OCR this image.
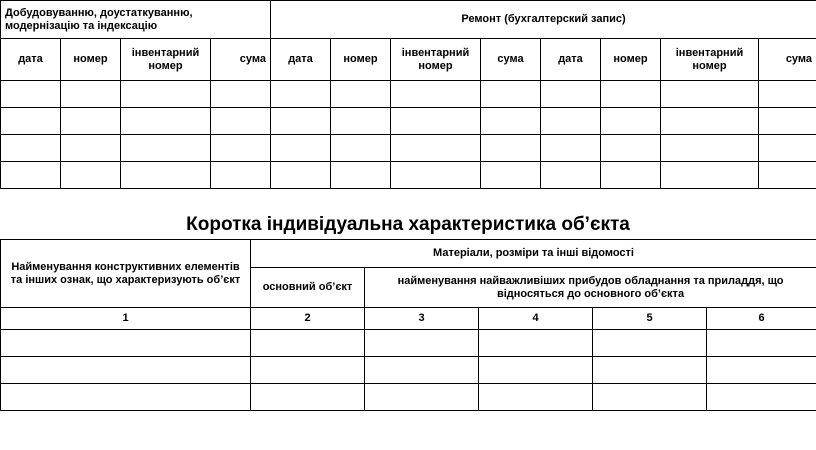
Добудовуванню, доустаткуванню, модернізацію та індексацію				Ремонт (бухгалтерский запис)							
дата	номер	інвентарний номер	сума	дата	номер	інвентарний номер	сума	дата	номер	інвентарний номер	сума

Коротка індивідуальна характеристика об’єкта
Найменування конструктивних елементів та інших ознак, що характеризують об’єкт	Матеріали, розміри та інші відомості				
	основний об’єкт	найменування найважливіших прибудов обладнання та приладдя, що відносяться до основного об’єкта			
1	2	3	4	5	6
